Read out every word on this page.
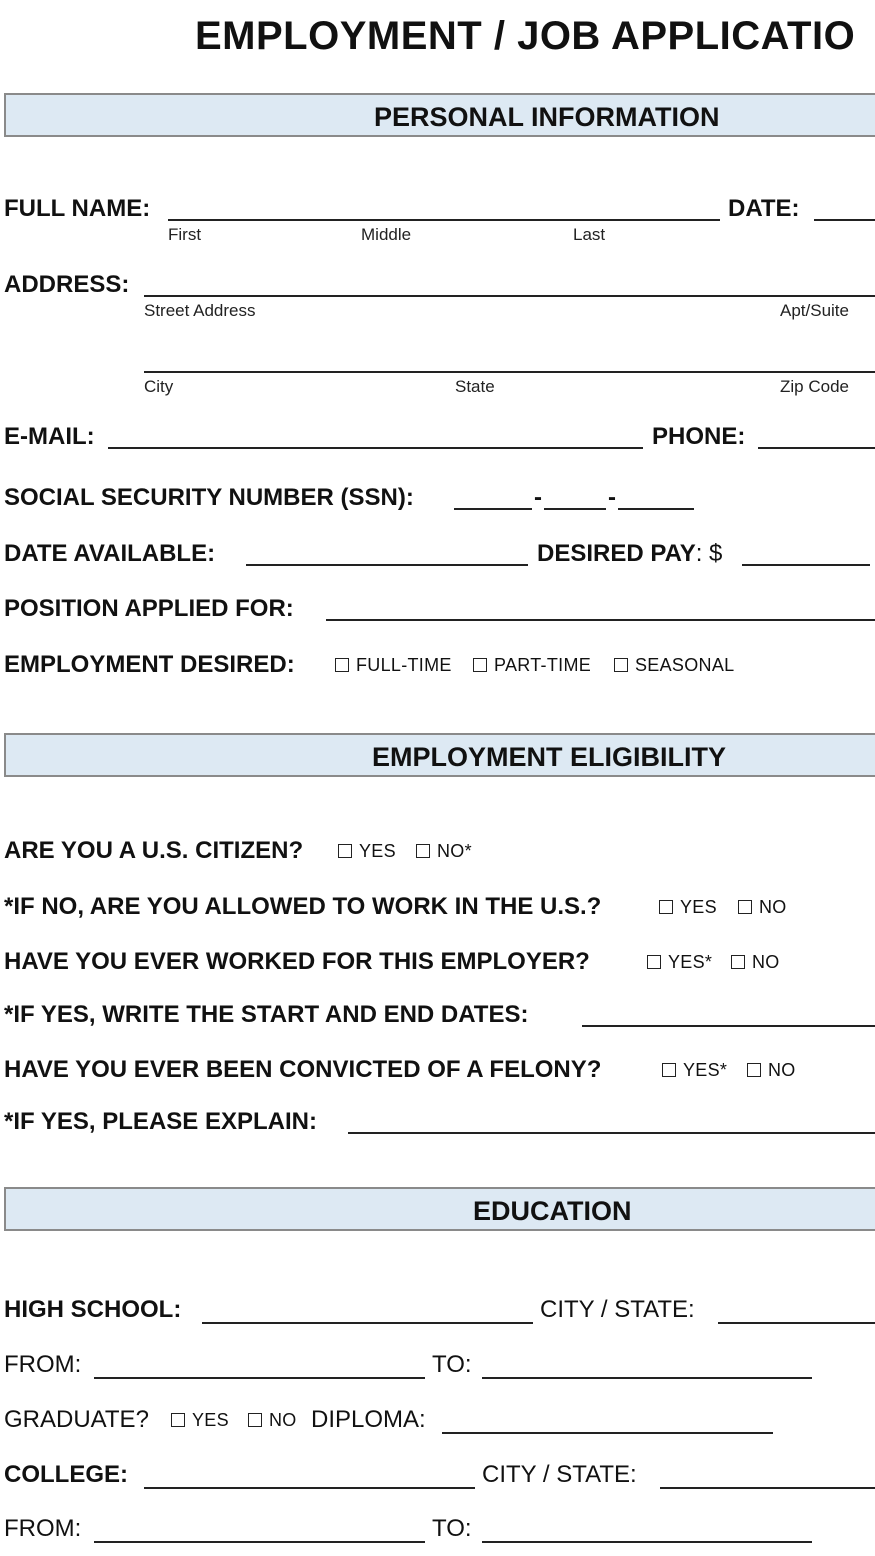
EMPLOYMENT / JOB APPLICATIO
PERSONAL INFORMATION
FULL NAME:
First	Middle	Last
DATE:
ADDRESS:
Street Address	Apt/Suite
City	State	Zip Code
E-MAIL:	PHONE:
SOCIAL SECURITY NUMBER (SSN):	-	-
DATE AVAILABLE:	DESIRED PAY: $
POSITION APPLIED FOR:
EMPLOYMENT DESIRED:	FULL-TIME	PART-TIME	SEASONAL
EMPLOYMENT ELIGIBILITY
ARE YOU A U.S. CITIZEN?	YES	NO*
*IF NO, ARE YOU ALLOWED TO WORK IN THE U.S.?	YES	NO
HAVE YOU EVER WORKED FOR THIS EMPLOYER?	YES*	NO
*IF YES, WRITE THE START AND END DATES:
HAVE YOU EVER BEEN CONVICTED OF A FELONY?	YES*	NO
*IF YES, PLEASE EXPLAIN:
EDUCATION
HIGH SCHOOL:	CITY / STATE:
FROM:	TO:
GRADUATE?	YES	NO DIPLOMA:
COLLEGE:	CITY / STATE:
FROM:	TO:
